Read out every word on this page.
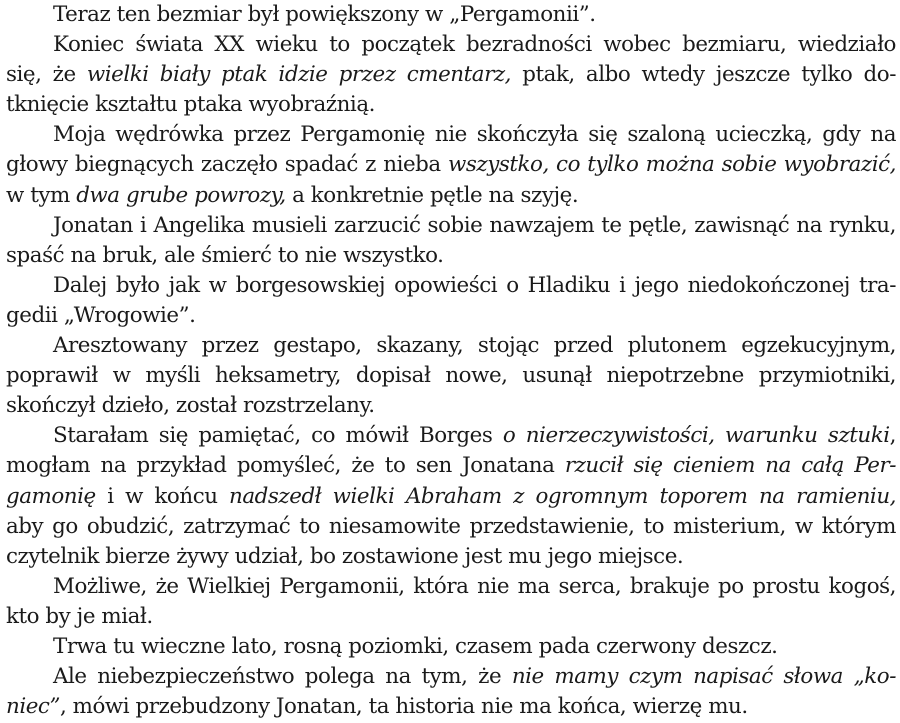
Teraz ten bezmiar był powiększony w „Pergamonii”.
Koniec świata XX wieku to początek bezradności wobec bezmiaru, wiedziało
się, że wielki biały ptak idzie przez cmentarz, ptak, albo wtedy jeszcze tylko do-
tknięcie kształtu ptaka wyobraźnią.
Moja wędrówka przez Pergamonię nie skończyła się szaloną ucieczką, gdy na
głowy biegnących zaczęło spadać z nieba wszystko, co tylko można sobie wyobrazić,
w tym dwa grube powrozy, a konkretnie pętle na szyję.
Jonatan i Angelika musieli zarzucić sobie nawzajem te pętle, zawisnąć na rynku,
spaść na bruk, ale śmierć to nie wszystko.
Dalej było jak w borgesowskiej opowieści o Hladiku i jego niedokończonej tra-
gedii „Wrogowie”.
Aresztowany przez gestapo, skazany, stojąc przed plutonem egzekucyjnym,
poprawił w myśli heksametry, dopisał nowe, usunął niepotrzebne przymiotniki,
skończył dzieło, został rozstrzelany.
Starałam się pamiętać, co mówił Borges o nierzeczywistości, warunku sztuki,
mogłam na przykład pomyśleć, że to sen Jonatana rzucił się cieniem na całą Per-
gamonię i w końcu nadszedł wielki Abraham z ogromnym toporem na ramieniu,
aby go obudzić, zatrzymać to niesamowite przedstawienie, to misterium, w którym
czytelnik bierze żywy udział, bo zostawione jest mu jego miejsce.
Możliwe, że Wielkiej Pergamonii, która nie ma serca, brakuje po prostu kogoś,
kto by je miał.
Trwa tu wieczne lato, rosną poziomki, czasem pada czerwony deszcz.
Ale niebezpieczeństwo polega na tym, że nie mamy czym napisać słowa „ko-
niec”, mówi przebudzony Jonatan, ta historia nie ma końca, wierzę mu.
